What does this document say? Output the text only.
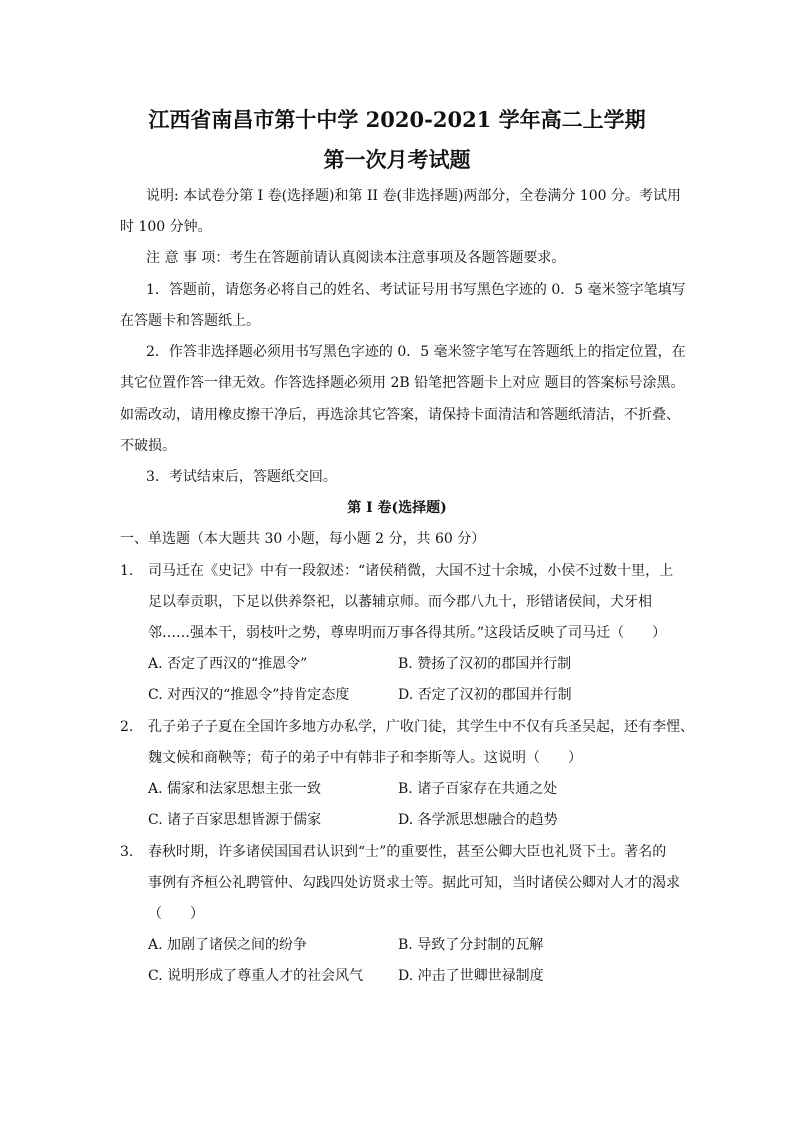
江西省南昌市第十中学 2020-2021 学年高二上学期
第一次月考试题
说明: 本试卷分第 I 卷(选择题)和第 II 卷(非选择题)两部分，全卷满分 100 分。考试用
时 100 分钟。
注 意 事 项：考生在答题前请认真阅读本注意事项及各题答题要求。
1．答题前，请您务必将自己的姓名、考试证号用书写黑色字迹的 0．5 毫米签字笔填写
在答题卡和答题纸上。
2．作答非选择题必须用书写黑色字迹的 0．5 毫米签字笔写在答题纸上的指定位置，在
其它位置作答一律无效。作答选择题必须用 2B 铅笔把答题卡上对应 题目的答案标号涂黑。
如需改动，请用橡皮擦干净后，再选涂其它答案，请保持卡面清洁和答题纸清洁，不折叠、
不破损。
3．考试结束后，答题纸交回。
第 I 卷(选择题)
一、单选题（本大题共 30 小题，每小题 2 分，共 60 分）
1. 司马迁在《史记》中有一段叙述：“诸侯稍微，大国不过十余城，小侯不过数十里，上
足以奉贡职，下足以供养祭祀，以蕃辅京师。而今郡八九十，形错诸侯间，犬牙相
邻……强本干，弱枝叶之势，尊卑明而万事各得其所。”这段话反映了司马迁（　　）
A. 否定了西汉的“推恩令”	B. 赞扬了汉初的郡国并行制
C. 对西汉的“推恩令”持肯定态度	D. 否定了汉初的郡国并行制
2. 孔子弟子子夏在全国许多地方办私学，广收门徒，其学生中不仅有兵圣吴起，还有李悝、
魏文候和商鞅等；荀子的弟子中有韩非子和李斯等人。这说明（　　）
A. 儒家和法家思想主张一致	B. 诸子百家存在共通之处
C. 诸子百家思想皆源于儒家	D. 各学派思想融合的趋势
3. 春秋时期，许多诸侯国国君认识到“士”的重要性，甚至公卿大臣也礼贤下士。著名的
事例有齐桓公礼聘管仲、勾践四处访贤求士等。据此可知，当时诸侯公卿对人才的渴求
（　　）
A. 加剧了诸侯之间的纷争	B. 导致了分封制的瓦解
C. 说明形成了尊重人才的社会风气 D. 冲击了世卿世禄制度
